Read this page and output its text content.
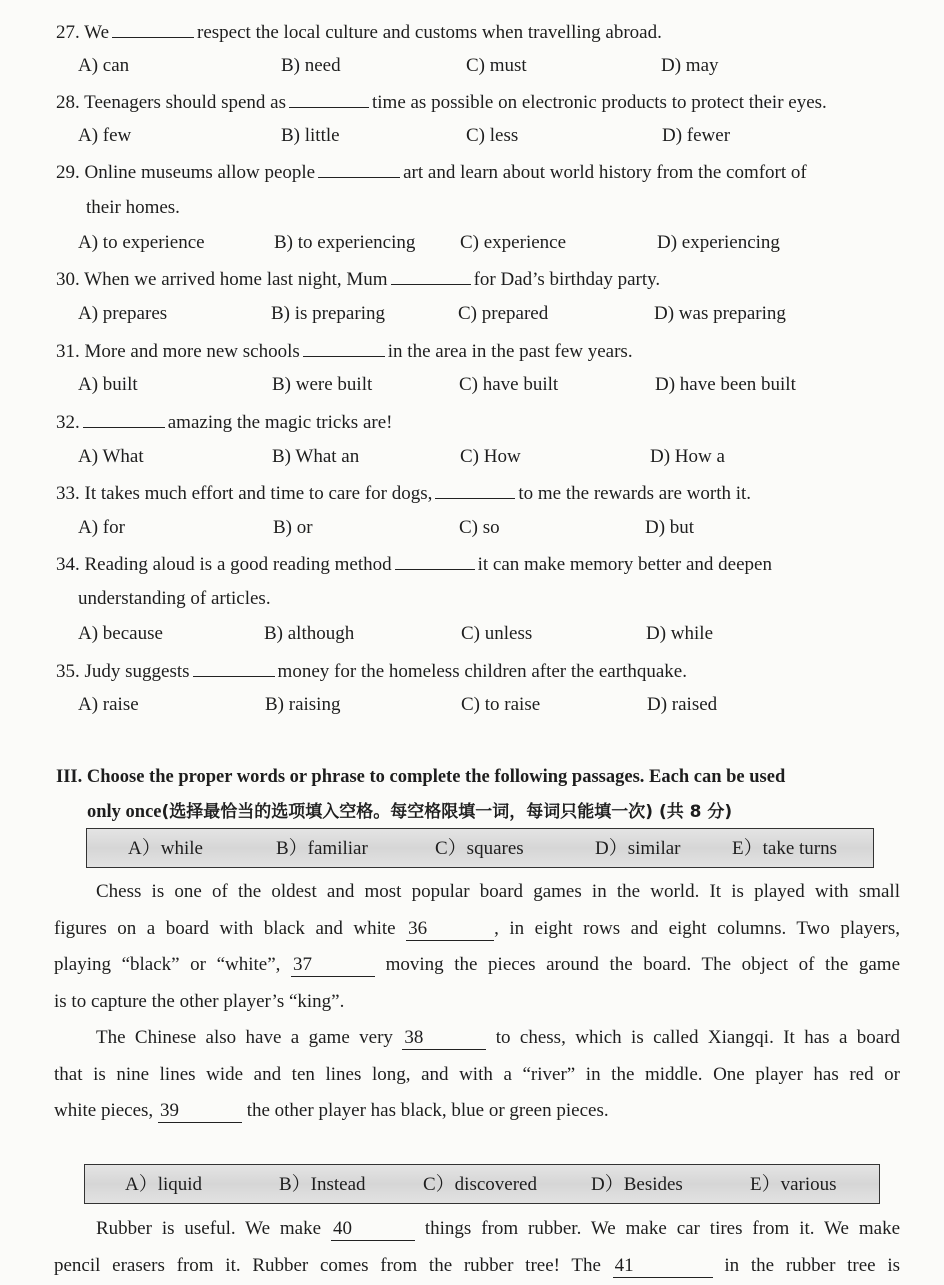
27. We	respect the local culture and customs when travelling abroad.
A) can	B) need	C) must	D) may
28. Teenagers should spend as	time as possible on electronic products to protect their eyes.
A) few	B) little	C) less	D) fewer
29. Online museums allow people	art and learn about world history from the comfort of
their homes.
A) to experience	B) to experiencing C) experience	D) experiencing
30. When we arrived home last night, Mum	for Dad’s birthday party.
A) prepares	B) is preparing	C) prepared	D) was preparing
31. More and more new schools	in the area in the past few years.
A) built	B) were built	C) have built	D) have been built
32.	amazing the magic tricks are!
A) What	B) What an	C) How	D) How a
33. It takes much effort and time to care for dogs,	to me the rewards are worth it.
A) for	B) or	C) so	D) but
34. Reading aloud is a good reading method	it can make memory better and deepen
understanding of articles.
A) because	B) although	C) unless	D) while
35. Judy suggests	money for the homeless children after the earthquake.
A) raise	B) raising	C) to raise	D) raised
III. Choose the proper words or phrase to complete the following passages. Each can be used
only once(选择最恰当的选项填入空格。每空格限填一词，每词只能填一次) (共 8 分)
A）while	B）familiar	C）squares	D）similar	E）take turns
Chess is one of the oldest and most popular board games in the world. It is played with small
figures on a board with black and white 36	, in eight rows and eight columns. Two players,
playing “black” or “white”, 37	moving the pieces around the board. The object of the game
is to capture the other player’s “king”.
The Chinese also have a game very 38	to chess, which is called Xiangqi. It has a board
that is nine lines wide and ten lines long, and with a “river” in the middle. One player has red or
white pieces, 39	the other player has black, blue or green pieces.
A）liquid	B）Instead	C）discovered	D）Besides	E）various
Rubber is useful. We make 40	things from rubber. We make car tires from it. We make
pencil erasers from it. Rubber comes from the rubber tree! The 41	in the rubber tree is
